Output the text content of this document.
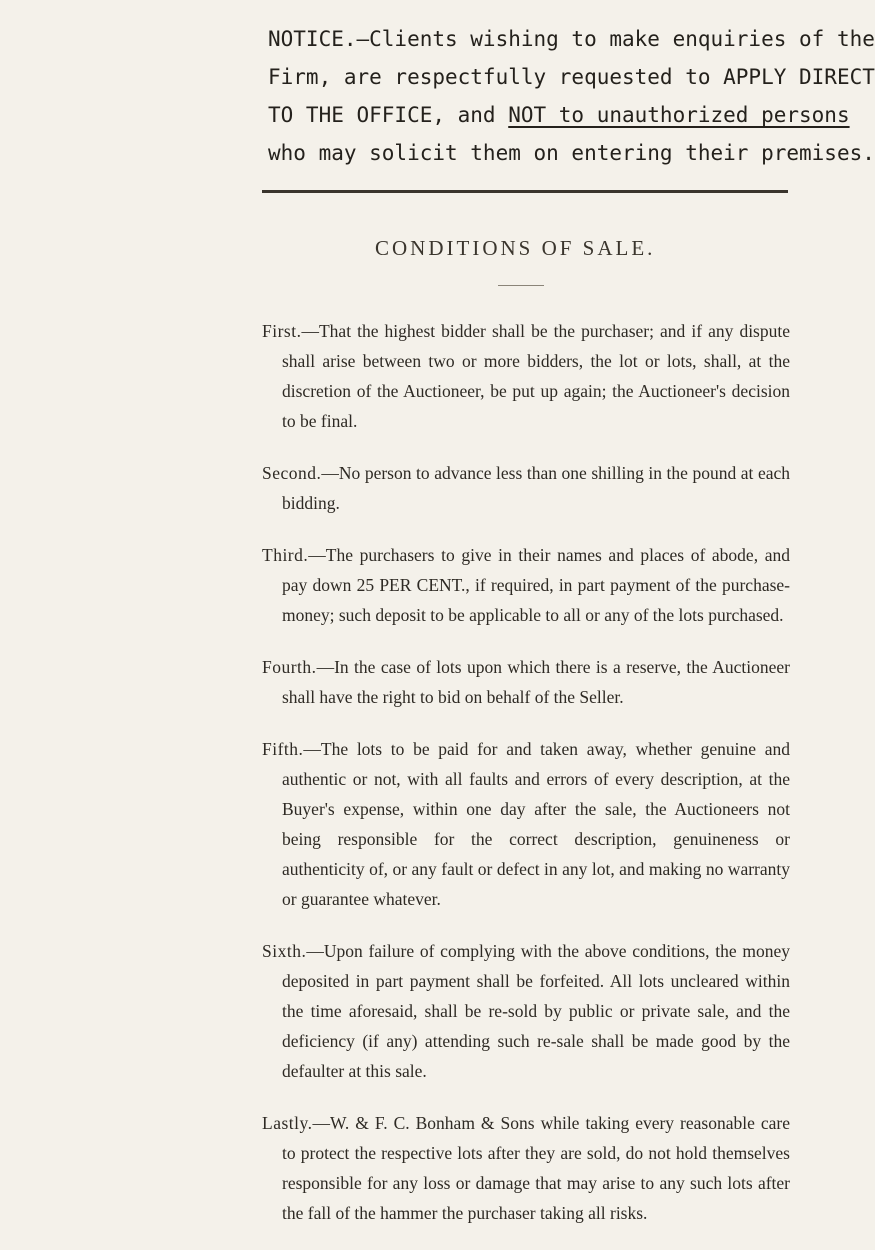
NOTICE.—Clients wishing to make enquiries of the
Firm, are respectfully requested to APPLY DIRECT
TO THE OFFICE, and NOT to unauthorized persons
who may solicit them on entering their premises.
CONDITIONS OF SALE.

First.—That the highest bidder shall be the purchaser; and if any dispute shall arise between two or more bidders, the lot or lots, shall, at the discretion of the Auctioneer, be put up again; the Auctioneer's decision to be final.

Second.—No person to advance less than one shilling in the pound at each bidding.

Third.—The purchasers to give in their names and places of abode, and pay down 25 PER CENT., if required, in part payment of the purchase-money; such deposit to be applicable to all or any of the lots purchased.

Fourth.—In the case of lots upon which there is a reserve, the Auctioneer shall have the right to bid on behalf of the Seller.

Fifth.—The lots to be paid for and taken away, whether genuine and authentic or not, with all faults and errors of every description, at the Buyer's expense, within one day after the sale, the Auctioneers not being responsible for the correct description, genuineness or authenticity of, or any fault or defect in any lot, and making no warranty or guarantee whatever.

Sixth.—Upon failure of complying with the above conditions, the money deposited in part payment shall be forfeited. All lots uncleared within the time aforesaid, shall be re-sold by public or private sale, and the deficiency (if any) attending such re-sale shall be made good by the defaulter at this sale.

Lastly.—W. & F. C. Bonham & Sons while taking every reasonable care to protect the respective lots after they are sold, do not hold themselves responsible for any loss or damage that may arise to any such lots after the fall of the hammer the purchaser taking all risks.
